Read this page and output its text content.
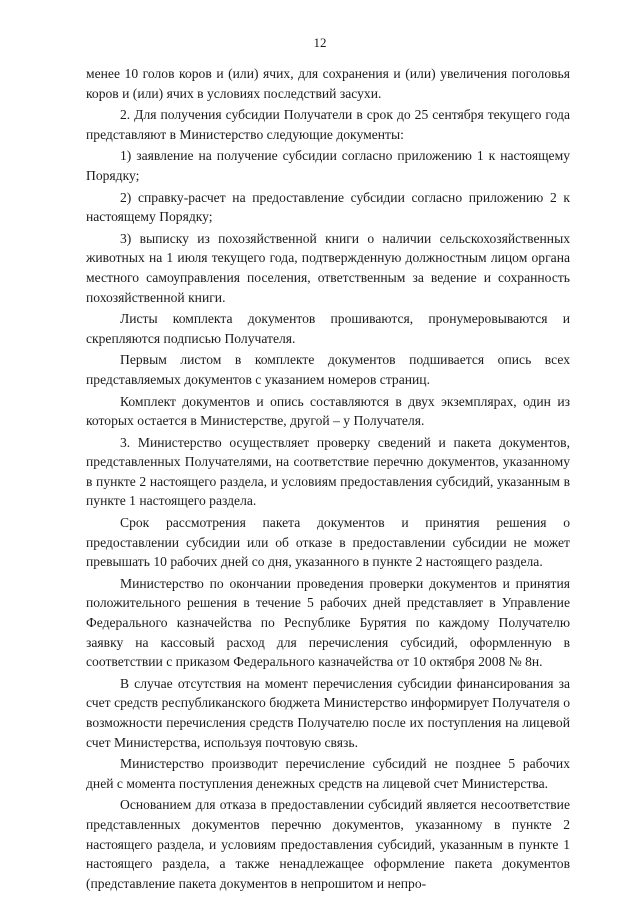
12

менее 10 голов коров и (или) ячих, для сохранения и (или) увеличения поголовья коров и (или) ячих в условиях последствий засухи.

2. Для получения субсидии Получатели в срок до 25 сентября текущего года представляют в Министерство следующие документы:

1) заявление на получение субсидии согласно приложению 1 к настоящему Порядку;

2) справку-расчет на предоставление субсидии согласно приложению 2 к настоящему Порядку;

3) выписку из похозяйственной книги о наличии сельскохозяйственных животных на 1 июля текущего года, подтвержденную должностным лицом органа местного самоуправления поселения, ответственным за ведение и сохранность похозяйственной книги.

Листы комплекта документов прошиваются, пронумеровываются и скрепляются подписью Получателя.

Первым листом в комплекте документов подшивается опись всех представляемых документов с указанием номеров страниц.

Комплект документов и опись составляются в двух экземплярах, один из которых остается в Министерстве, другой – у Получателя.

3. Министерство осуществляет проверку сведений и пакета документов, представленных Получателями, на соответствие перечню документов, указанному в пункте 2 настоящего раздела, и условиям предоставления субсидий, указанным в пункте 1 настоящего раздела.

Срок рассмотрения пакета документов и принятия решения о предоставлении субсидии или об отказе в предоставлении субсидии не может превышать 10 рабочих дней со дня, указанного в пункте 2 настоящего раздела.

Министерство по окончании проведения проверки документов и принятия положительного решения в течение 5 рабочих дней представляет в Управление Федерального казначейства по Республике Бурятия по каждому Получателю заявку на кассовый расход для перечисления субсидий, оформленную в соответствии с приказом Федерального казначейства от 10 октября 2008 № 8н.

В случае отсутствия на момент перечисления субсидии финансирования за счет средств республиканского бюджета Министерство информирует Получателя о возможности перечисления средств Получателю после их поступления на лицевой счет Министерства, используя почтовую связь.

Министерство производит перечисление субсидий не позднее 5 рабочих дней с момента поступления денежных средств на лицевой счет Министерства.

Основанием для отказа в предоставлении субсидий является несоответствие представленных документов перечню документов, указанному в пункте 2 настоящего раздела, и условиям предоставления субсидий, указанным в пункте 1 настоящего раздела, а также ненадлежащее оформление пакета документов (представление пакета документов в непрошитом и непро-
